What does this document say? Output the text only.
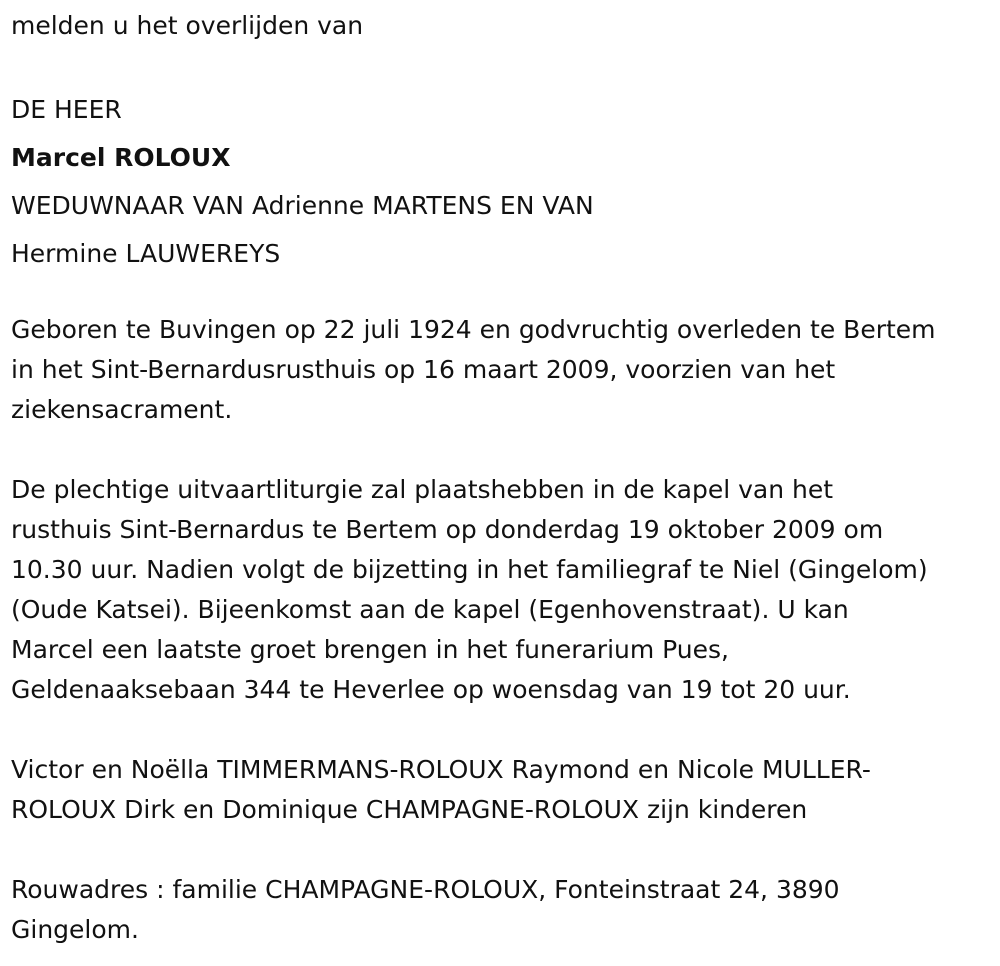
melden u het overlijden van

DE HEER

Marcel ROLOUX

WEDUWNAAR VAN Adrienne MARTENS EN VAN

Hermine LAUWEREYS

Geboren te Buvingen op 22 juli 1924 en godvruchtig overleden te Bertem

in het Sint-Bernardusrusthuis op 16 maart 2009, voorzien van het

ziekensacrament.

De plechtige uitvaartliturgie zal plaatshebben in de kapel van het

rusthuis Sint-Bernardus te Bertem op donderdag 19 oktober 2009 om

10.30 uur. Nadien volgt de bijzetting in het familiegraf te Niel (Gingelom)

(Oude Katsei). Bijeenkomst aan de kapel (Egenhovenstraat). U kan

Marcel een laatste groet brengen in het funerarium Pues,

Geldenaaksebaan 344 te Heverlee op woensdag van 19 tot 20 uur.

Victor en Noëlla TIMMERMANS-ROLOUX Raymond en Nicole MULLER-

ROLOUX Dirk en Dominique CHAMPAGNE-ROLOUX zijn kinderen

Rouwadres : familie CHAMPAGNE-ROLOUX, Fonteinstraat 24, 3890

Gingelom.
